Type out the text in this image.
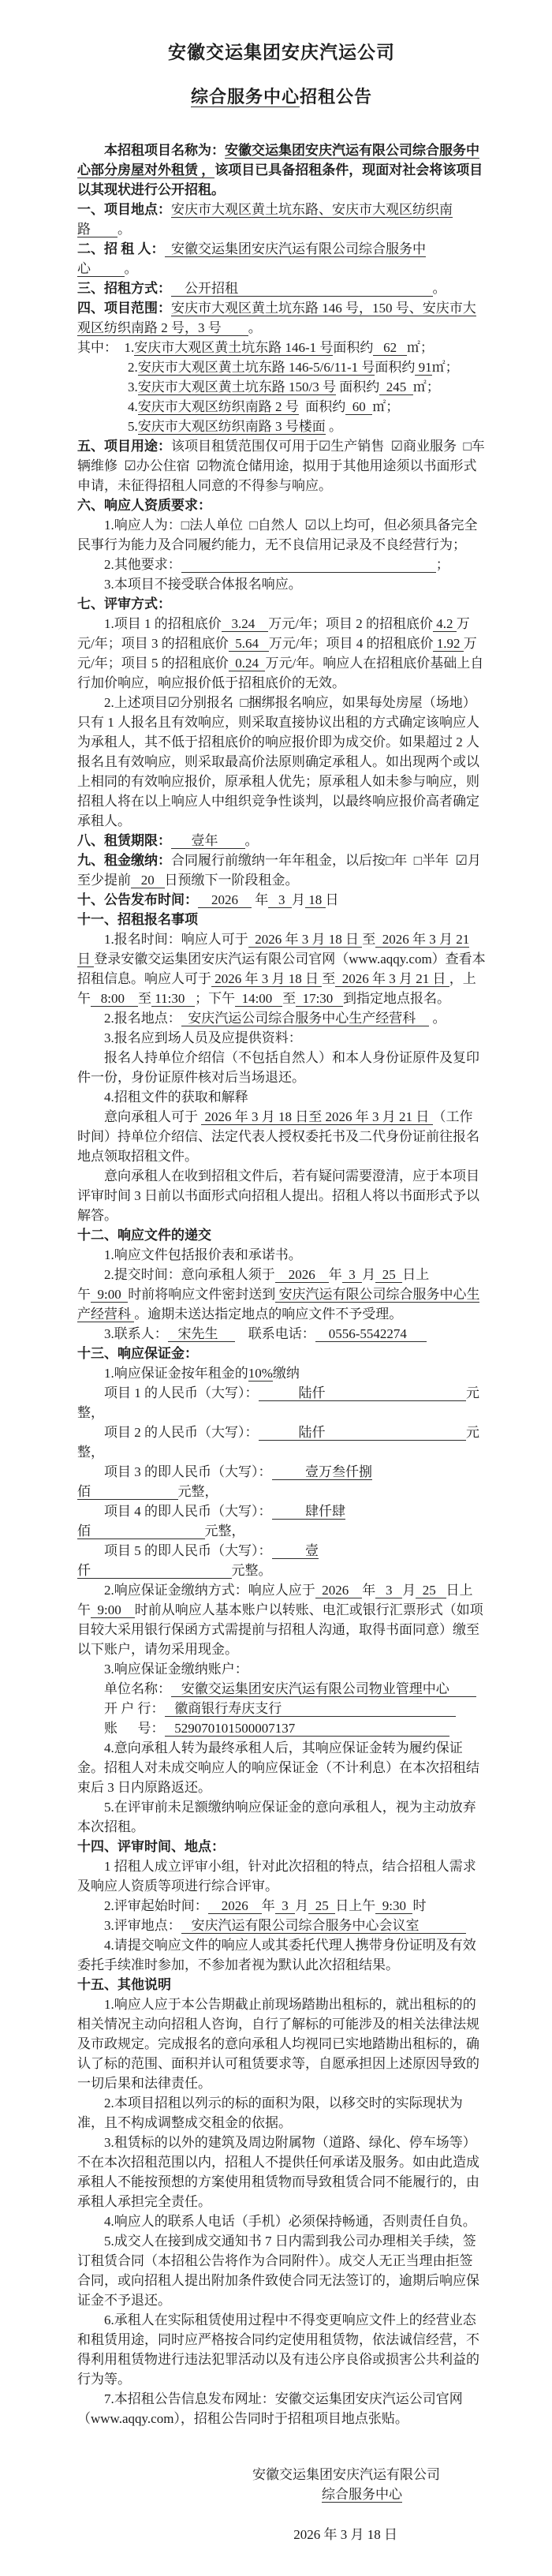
安徽交运集团安庆汽运公司
综合服务中心招租公告
本招租项目名称为：安徽交运集团安庆汽运有限公司综合服务中心部分房屋对外租赁 ，该项目已具备招租条件，现面对社会将该项目以其现状进行公开招租。
一、项目地点：安庆市大观区黄土坑东路、安庆市大观区纺织南路        。
二、招 租 人：  安徽交运集团安庆汽运有限公司综合服务中心          。
三、招租方式：    公开招租                                                          。
四、项目范围：安庆市大观区黄土坑东路 146 号，150 号、安庆市大观区纺织南路 2 号，3 号        。
其中：  1.安庆市大观区黄土坑东路 146-1 号面积约   62   ㎡；
2.安庆市大观区黄土坑东路 146-5/6/11-1 号面积约 91㎡；
3.安庆市大观区黄土坑东路 150/3 号 面积约  245  ㎡；
4.安庆市大观区纺织南路 2 号  面积约  60  ㎡；
5.安庆市大观区纺织南路 3 号楼面 。
五、项目用途：该项目租赁范围仅可用于☑生产销售  ☑商业服务  □车辆维修  ☑办公住宿  ☑物流仓储用途，拟用于其他用途须以书面形式申请，未征得招租人同意的不得参与响应。
六、响应人资质要求：
1.响应人为：□法人单位  □自然人  ☑以上均可，但必须具备完全民事行为能力及合同履约能力，无不良信用记录及不良经营行为；
2.其他要求：	；
3.本项目不接受联合体报名响应。
七、评审方式：
1.项目 1 的招租底价   3.24    万元/年；项目 2 的招租底价 4.2 万元/年；项目 3 的招租底价  5.64   万元/年；项目 4 的招租底价 1.92 万元/年；项目 5 的招租底价  0.24  万元/年。响应人在招租底价基础上自行加价响应，响应报价低于招租底价的无效。
2.上述项目☑分别报名  □捆绑报名响应，如果每处房屋（场地）只有 1 人报名且有效响应，则采取直接协议出租的方式确定该响应人为承租人，其不低于招租底价的响应报价即为成交价。如果超过 2 人报名且有效响应，则采取最高价法原则确定承租人。如出现两个或以上相同的有效响应报价，原承租人优先；原承租人如未参与响应，则招租人将在以上响应人中组织竞争性谈判，以最终响应报价高者确定承租人。
八、租赁期限：      壹年        。
九、租金缴纳：合同履行前缴纳一年年租金，以后按□年  □半年  ☑月至少提前   20   日预缴下一阶段租金。
十、公告发布时间：    2026     年   3  月 18 日
十一、招租报名事项
1.报名时间：响应人可于  2026 年 3 月 18 日 至  2026 年 3 月 21 日 登录安徽交运集团安庆汽运有限公司官网（www.aqqy.com）查看本招租信息。响应人可于 2026 年 3 月 18 日 至  2026 年 3 月 21 日 ，上午   8:00    至 11:30   ；下午  14:00   至  17:30   到指定地点报名。
2.报名地点：  安庆汽运公司综合服务中心生产经营科     。
3.报名应到场人员及应提供资料：
报名人持单位介绍信（不包括自然人）和本人身份证原件及复印件一份，身份证原件核对后当场退还。
4.招租文件的获取和解释
意向承租人可于  2026 年 3 月 18 日至 2026 年 3 月 21 日 （工作时间）持单位介绍信、法定代表人授权委托书及二代身份证前往报名地点领取招租文件。
意向承租人在收到招租文件后，若有疑问需要澄清，应于本项目评审时间 3 日前以书面形式向招租人提出。招租人将以书面形式予以解答。
十二、响应文件的递交
1.响应文件包括报价表和承诺书。
2.提交时间：意向承租人须于    2026    年  3  月  25  日上午  9:00  时前将响应文件密封送到 安庆汽运有限公司综合服务中心生产经营科 。逾期未送达指定地点的响应文件不予受理。
3.联系人：   宋先生         联系电话：    0556-5542274
十三、响应保证金：
1.响应保证金按年租金的10%缴纳
项目 1 的人民币（大写）：            陆仟                                          元整，
项目 2 的人民币（大写）：            陆仟                                          元整，
项目 3 的即人民币（大写）：          壹万叁仟捌佰                          元整，
项目 4 的即人民币（大写）：          肆仟肆佰                                  元整，
项目 5 的即人民币（大写）：          壹仟                                          元整。
2.响应保证金缴纳方式：响应人应于  2026    年   3   月  25   日上午  9:00    时前从响应人基本账户以转账、电汇或银行汇票形式（如项目较大采用银行保函方式需提前与招租人沟通，取得书面同意）缴至以下账户，请勿采用现金。
3.响应保证金缴纳账户：
单位名称：   安徽交运集团安庆汽运有限公司物业管理中心
开 户 行：   徽商银行寿庆支行
账      号：   529070101500007137
4.意向承租人转为最终承租人后，其响应保证金转为履约保证金。招租人对未成交响应人的响应保证金（不计利息）在本次招租结束后 3 日内原路返还。
5.在评审前未足额缴纳响应保证金的意向承租人，视为主动放弃本次招租。
十四、评审时间、地点：
1 招租人成立评审小组，针对此次招租的特点，结合招租人需求及响应人资质等项进行综合评审。
2.评审起始时间：    2026    年  3  月  25  日上午  9:30  时
3.评审地点：   安庆汽运有限公司综合服务中心会议室
4.请提交响应文件的响应人或其委托代理人携带身份证明及有效委托手续准时参加，不参加者视为默认此次招租结果。
十五、其他说明
1.响应人应于本公告期截止前现场踏勘出租标的，就出租标的的相关情况主动向招租人咨询，自行了解标的可能涉及的相关法律法规及市政规定。完成报名的意向承租人均视同已实地踏勘出租标的，确认了标的范围、面积并认可租赁要求等，自愿承担因上述原因导致的一切后果和法律责任。
2.本项目招租以列示的标的面积为限，以移交时的实际现状为准，且不构成调整成交租金的依据。
3.租赁标的以外的建筑及周边附属物（道路、绿化、停车场等）不在本次招租范围以内，招租人不提供任何承诺及服务。如由此造成承租人不能按预想的方案使用租赁物而导致租赁合同不能履行的，由承租人承担完全责任。
4.响应人的联系人电话（手机）必须保持畅通，否则责任自负。
5.成交人在接到成交通知书 7 日内需到我公司办理相关手续，签订租赁合同（本招租公告将作为合同附件）。成交人无正当理由拒签合同，或向招租人提出附加条件致使合同无法签订的，逾期后响应保证金不予退还。
6.承租人在实际租赁使用过程中不得变更响应文件上的经营业态和租赁用途，同时应严格按合同约定使用租赁物，依法诚信经营，不得利用租赁物进行违法犯罪活动以及有违公序良俗或损害公共利益的行为等。
7.本招租公告信息发布网址：安徽交运集团安庆汽运公司官网（www.aqqy.com），招租公告同时于招租项目地点张贴。
安徽交运集团安庆汽运有限公司
综合服务中心
2026 年 3 月 18 日
